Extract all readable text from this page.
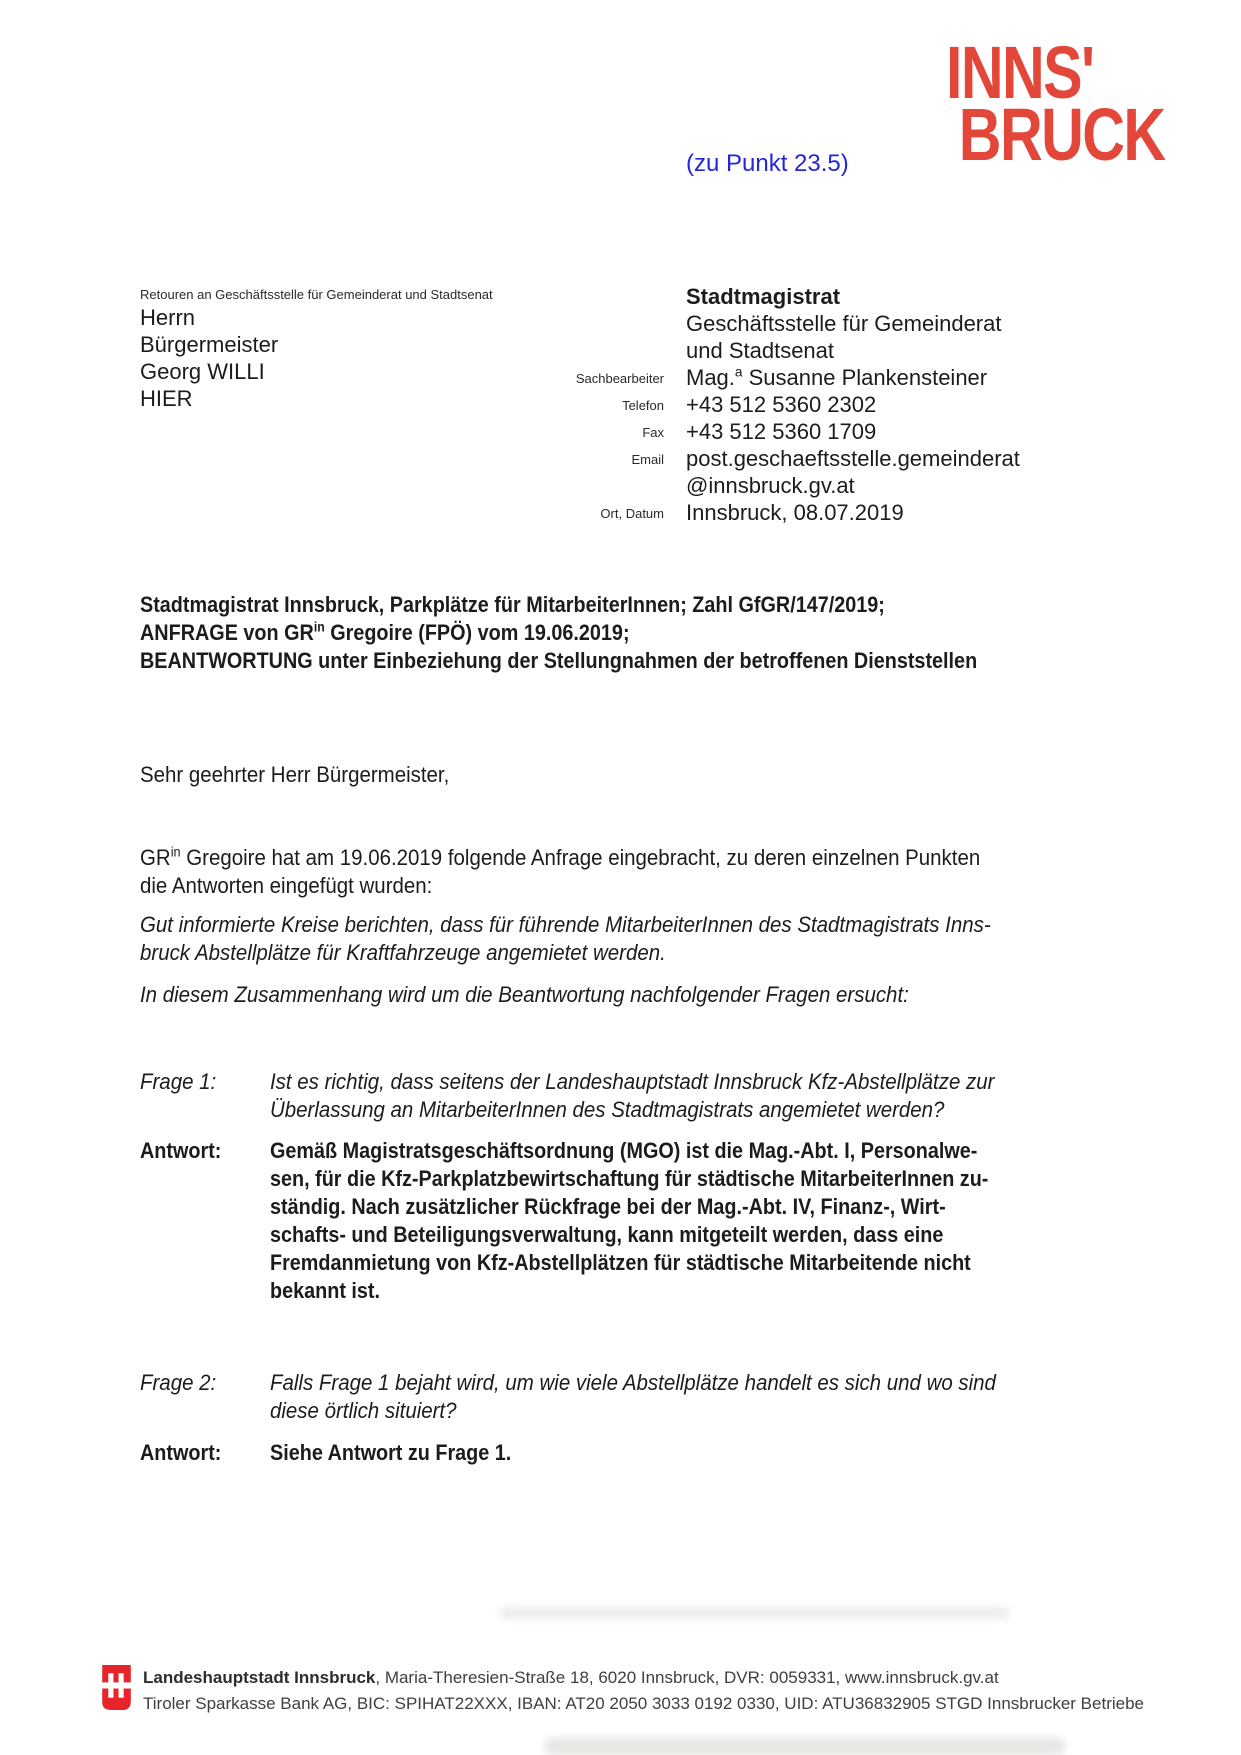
(zu Punkt 23.5)
INNS'
BRUCK
Retouren an Geschäftsstelle für Gemeinderat und Stadtsenat
Herrn
Bürgermeister
Georg WILLI
HIER
Stadtmagistrat
Geschäftsstelle für Gemeinderat
und Stadtsenat
Sachbearbeiter Mag.$^a$ Susanne Plankensteiner
Telefon +43 512 5360 2302
Fax +43 512 5360 1709
Email post.geschaeftsstelle.gemeinderat
@innsbruck.gv.at
Ort, Datum Innsbruck, 08.07.2019
Stadtmagistrat Innsbruck, Parkplätze für MitarbeiterInnen; Zahl GfGR/147/2019;
ANFRAGE von $GR^{in}$ Gregoire (FPÖ) vom 19.06.2019;
BEANTWORTUNG unter Einbeziehung der Stellungnahmen der betroffenen Dienststellen
Sehr geehrter Herr Bürgermeister,
$GR^{in}$ Gregoire hat am 19.06.2019 folgende Anfrage eingebracht, zu deren einzelnen Punkten
die Antworten eingefügt wurden:
Gut informierte Kreise berichten, dass für führende MitarbeiterInnen des Stadtmagistrats Inns-
bruck Abstellplätze für Kraftfahrzeuge angemietet werden.
In diesem Zusammenhang wird um die Beantwortung nachfolgender Fragen ersucht:
Frage 1: Ist es richtig, dass seitens der Landeshauptstadt Innsbruck Kfz-Abstellplätze zur
Überlassung an MitarbeiterInnen des Stadtmagistrats angemietet werden?
Antwort: Gemäß Magistratsgeschäftsordnung (MGO) ist die Mag.-Abt. I, Personalwe-
sen, für die Kfz-Parkplatzbewirtschaftung für städtische MitarbeiterInnen zu-
ständig. Nach zusätzlicher Rückfrage bei der Mag.-Abt. IV, Finanz-, Wirt-
schafts- und Beteiligungsverwaltung, kann mitgeteilt werden, dass eine
Fremdanmietung von Kfz-Abstellplätzen für städtische Mitarbeitende nicht
bekannt ist.
Frage 2: Falls Frage 1 bejaht wird, um wie viele Abstellplätze handelt es sich und wo sind
diese örtlich situiert?
Antwort: Siehe Antwort zu Frage 1.
Landeshauptstadt Innsbruck, Maria-Theresien-Straße 18, 6020 Innsbruck, DVR: 0059331, www.innsbruck.gv.at
Tiroler Sparkasse Bank AG, BIC: SPIHAT22XXX, IBAN: AT20 2050 3033 0192 0330, UID: ATU36832905 STGD Innsbrucker Betriebe
